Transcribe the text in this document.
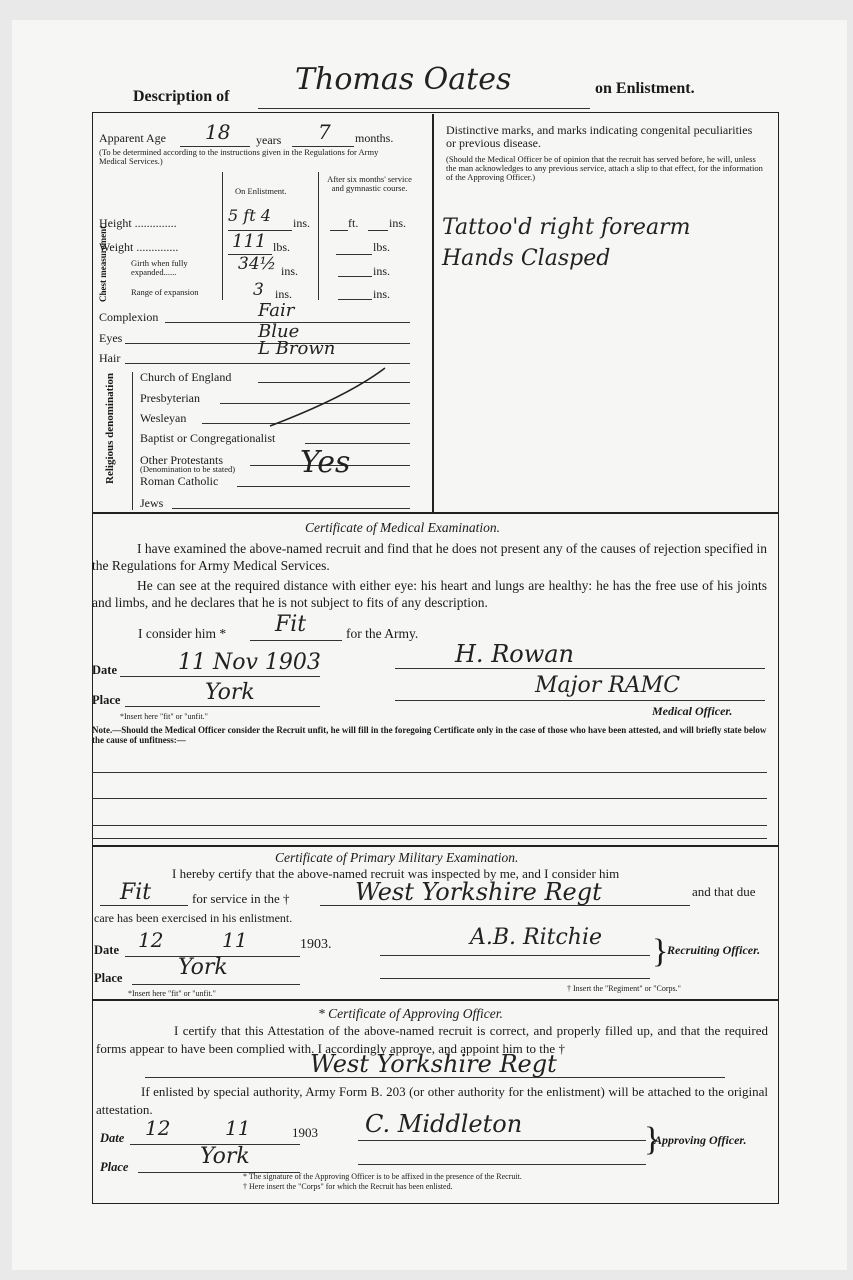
Description of Thomas Oates	on Enlistment.
Apparent Age 18 years 7 months.
(To be determined according to the instructions given in the Regulations for Army Medical Services.)
On Enlistment.
After six months' service and gymnastic course.
Height ..............	5 ft 4 ins.	ft.	ins.
Weight ..............	111 lbs.	lbs.
Chest measurement	Girth when fully expanded......	34½ ins.	ins.
Range of expansion	3 ins.	ins.
Complexion	Fair
Eyes	Blue
Hair	L Brown
Religious denomination Church of England
Presbyterian
Wesleyan
Baptist or Congregationalist
Other Protestants
(Denomination to be stated)
Roman Catholic
Jews
Yes
Distinctive marks, and marks indicating congenital peculiarities or previous disease.
(Should the Medical Officer be of opinion that the recruit has served before, he will, unless the man acknowledges to any previous service, attach a slip to that effect, for the information of the Approving Officer.)
Tattoo'd right forearm
Hands Clasped
Certificate of Medical Examination.
I have examined the above-named recruit and find that he does not present any of the causes of rejection specified in the Regulations for Army Medical Services.
He can see at the required distance with either eye: his heart and lungs are healthy: he has the free use of his joints and limbs, and he declares that he is not subject to fits of any description.
I consider him * Fit	for the Army.
Date	11 Nov 1903
Place	York
*Insert here "fit" or "unfit."
H. Rowan
Major RAMC
Medical Officer.
Note.—Should the Medical Officer consider the Recruit unfit, he will fill in the foregoing Certificate only in the case of those who have been attested, and will briefly state below the cause of unfitness:—
Certificate of Primary Military Examination.
I hereby certify that the above-named recruit was inspected by me, and I consider him
Fit	for service in the †	West Yorkshire Regt	and that due
care has been exercised in his enlistment.
Date 12	11	1903.
Place	York
*Insert here "fit" or "unfit."
A.B. Ritchie }
Recruiting Officer.
† Insert the "Regiment" or "Corps."
* Certificate of Approving Officer.
I certify that this Attestation of the above-named recruit is correct, and properly filled up, and that the required forms appear to have been complied with. I accordingly approve, and appoint him to the †
West Yorkshire Regt
If enlisted by special authority, Army Form B. 203 (or other authority for the enlistment) will be attached to the original attestation.
Date 12	11	1903
Place	York
C. Middleton	}
Approving Officer.
* The signature of the Approving Officer is to be affixed in the presence of the Recruit.
† Here insert the "Corps" for which the Recruit has been enlisted.
